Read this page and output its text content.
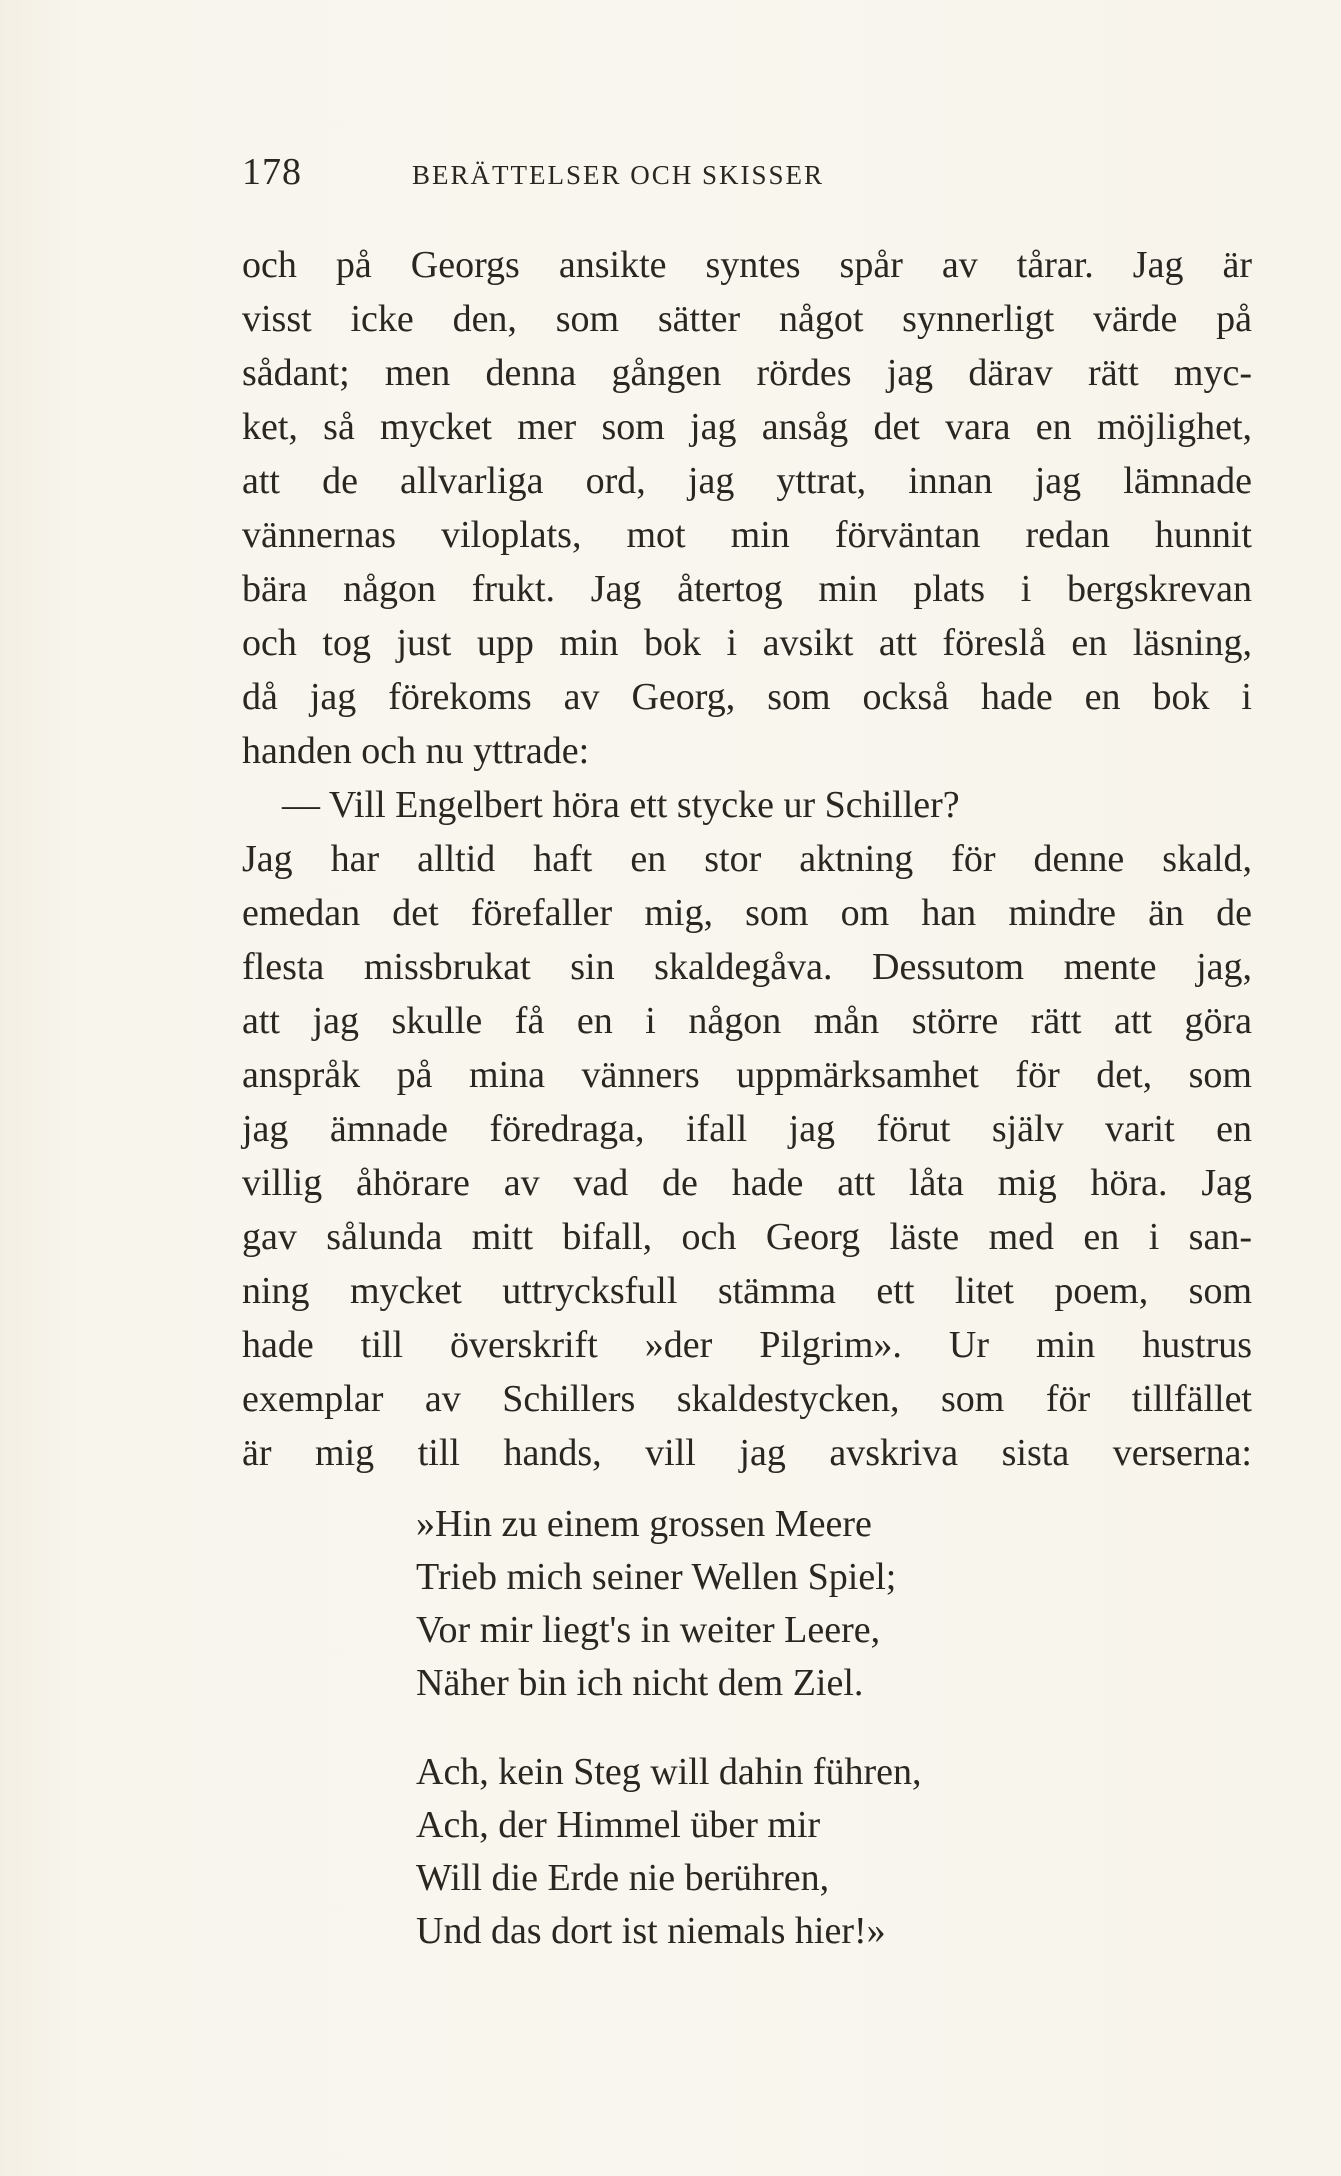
178	BERÄTTELSER OCH SKISSER
och på Georgs ansikte syntes spår av tårar. Jag är
visst icke den, som sätter något synnerligt värde på
sådant; men denna gången rördes jag därav rätt myc-
ket, så mycket mer som jag ansåg det vara en möjlighet,
att de allvarliga ord, jag yttrat, innan jag lämnade
vännernas viloplats, mot min förväntan redan hunnit
bära någon frukt. Jag återtog min plats i bergskrevan
och tog just upp min bok i avsikt att föreslå en läsning,
då jag förekoms av Georg, som också hade en bok i
handen och nu yttrade:
— Vill Engelbert höra ett stycke ur Schiller?
Jag har alltid haft en stor aktning för denne skald,
emedan det förefaller mig, som om han mindre än de
flesta missbrukat sin skaldegåva. Dessutom mente jag,
att jag skulle få en i någon mån större rätt att göra
anspråk på mina vänners uppmärksamhet för det, som
jag ämnade föredraga, ifall jag förut själv varit en
villig åhörare av vad de hade att låta mig höra. Jag
gav sålunda mitt bifall, och Georg läste med en i san-
ning mycket uttrycksfull stämma ett litet poem, som
hade till överskrift »der Pilgrim». Ur min hustrus
exemplar av Schillers skaldestycken, som för tillfället
är mig till hands, vill jag avskriva sista verserna:
»Hin zu einem grossen Meere
Trieb mich seiner Wellen Spiel;
Vor mir liegt's in weiter Leere,
Näher bin ich nicht dem Ziel.
Ach, kein Steg will dahin führen,
Ach, der Himmel über mir
Will die Erde nie berühren,
Und das dort ist niemals hier!»
